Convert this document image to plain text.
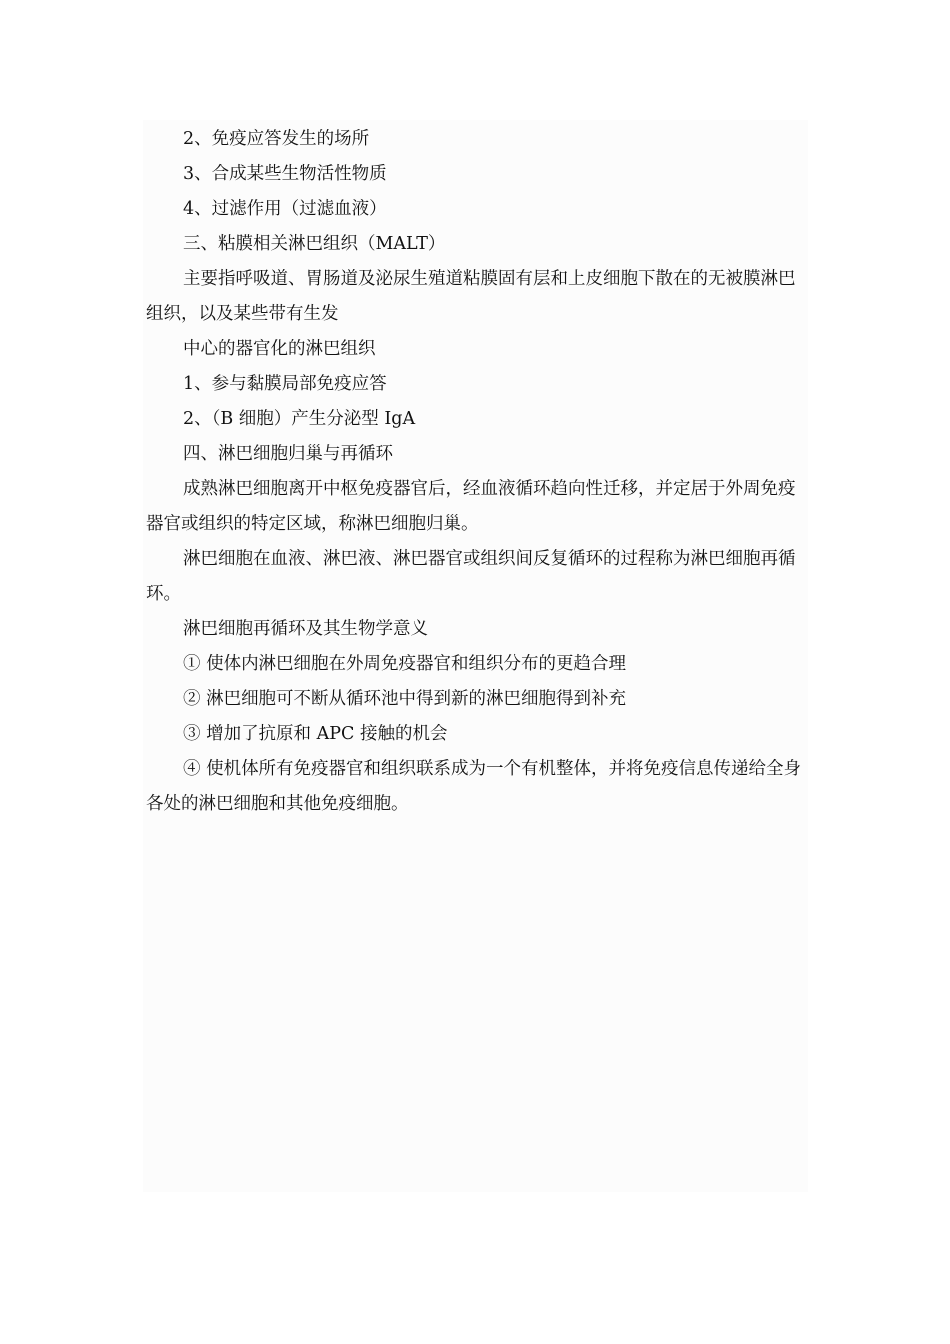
2、免疫应答发生的场所

3、合成某些生物活性物质

4、过滤作用（过滤血液）

三、粘膜相关淋巴组织（MALT）

主要指呼吸道、胃肠道及泌尿生殖道粘膜固有层和上皮细胞下散在的无被膜淋巴组织，以及某些带有生发

中心的器官化的淋巴组织

1、参与黏膜局部免疫应答

2、（B 细胞）产生分泌型 IgA

四、淋巴细胞归巢与再循环

成熟淋巴细胞离开中枢免疫器官后，经血液循环趋向性迁移，并定居于外周免疫器官或组织的特定区域，称淋巴细胞归巢。

淋巴细胞在血液、淋巴液、淋巴器官或组织间反复循环的过程称为淋巴细胞再循环。

淋巴细胞再循环及其生物学意义

① 使体内淋巴细胞在外周免疫器官和组织分布的更趋合理

② 淋巴细胞可不断从循环池中得到新的淋巴细胞得到补充

③ 增加了抗原和 APC 接触的机会

④ 使机体所有免疫器官和组织联系成为一个有机整体，并将免疫信息传递给全身各处的淋巴细胞和其他免疫细胞。
